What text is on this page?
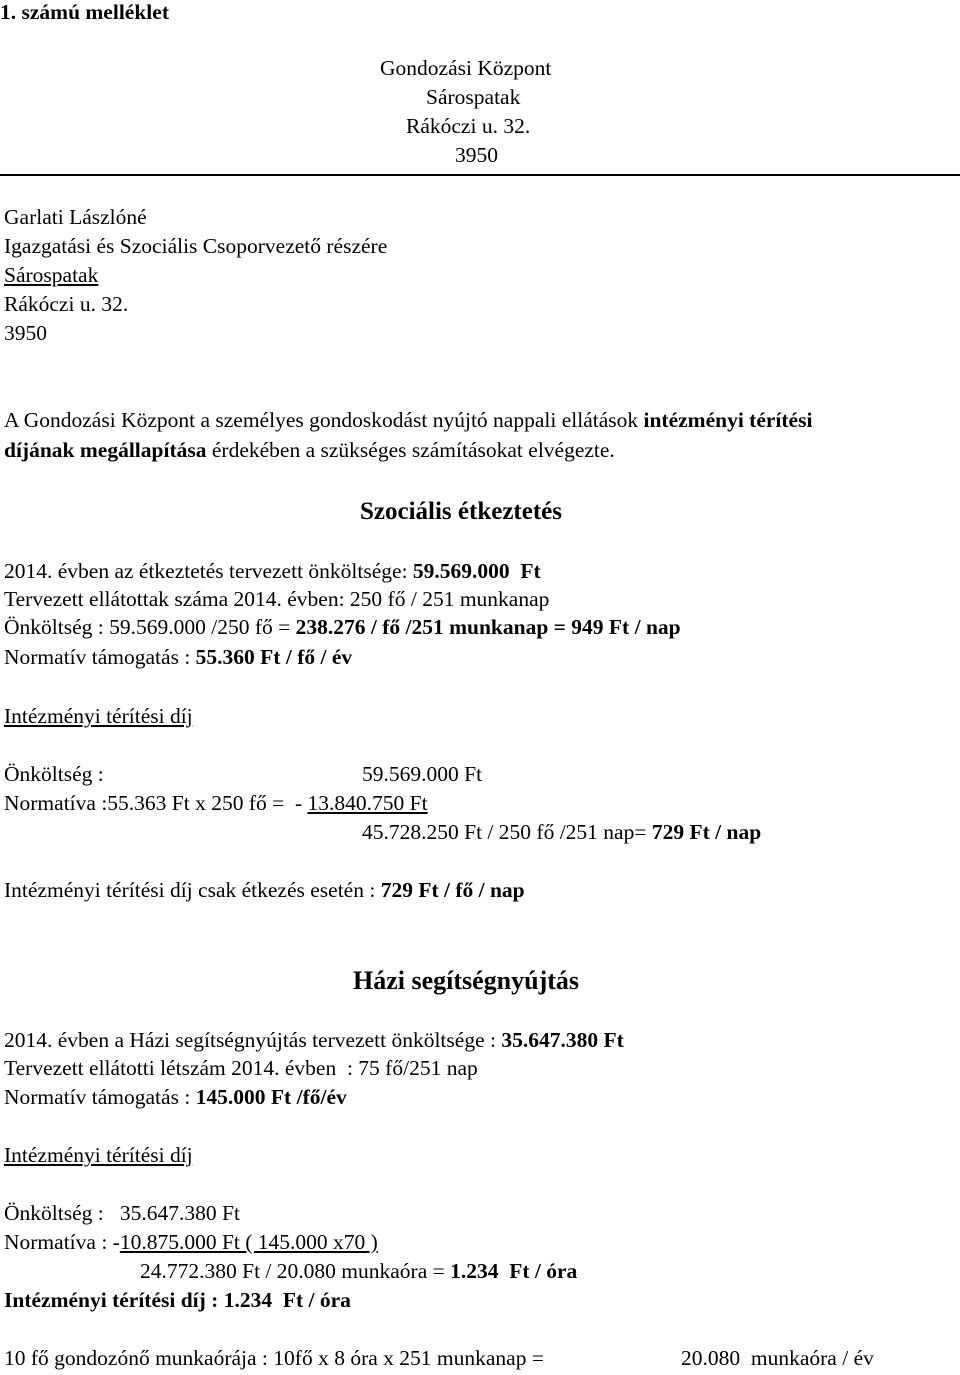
1. számú melléklet
Gondozási Központ
Sárospatak
Rákóczi u. 32.
3950
Garlati Lászlóné
Igazgatási és Szociális Csoporvezető részére
Sárospatak
Rákóczi u. 32.
3950
A Gondozási Központ a személyes gondoskodást nyújtó nappali ellátások intézményi térítési
díjának megállapítása érdekében a szükséges számításokat elvégezte.
Szociális étkeztetés
2014. évben az étkeztetés tervezett önköltsége: 59.569.000  Ft
Tervezett ellátottak száma 2014. évben: 250 fő / 251 munkanap
Önköltség : 59.569.000 /250 fő = 238.276 / fő /251 munkanap = 949 Ft / nap
Normatív támogatás : 55.360 Ft / fő / év
Intézményi térítési díj
Önköltség :	59.569.000 Ft
Normatíva :55.363 Ft x 250 fő =  - 13.840.750 Ft
45.728.250 Ft / 250 fő /251 nap= 729 Ft / nap
Intézményi térítési díj csak étkezés esetén : 729 Ft / fő / nap
Házi segítségnyújtás
2014. évben a Házi segítségnyújtás tervezett önköltsége : 35.647.380 Ft
Tervezett ellátotti létszám 2014. évben  : 75 fő/251 nap
Normatív támogatás : 145.000 Ft /fő/év
Intézményi térítési díj
Önköltség :   35.647.380 Ft
Normatíva : -10.875.000 Ft ( 145.000 x70 )
24.772.380 Ft / 20.080 munkaóra = 1.234  Ft / óra
Intézményi térítési díj : 1.234  Ft / óra
10 fő gondozónő munkaórája : 10fő x 8 óra x 251 munkanap =	20.080  munkaóra / év
